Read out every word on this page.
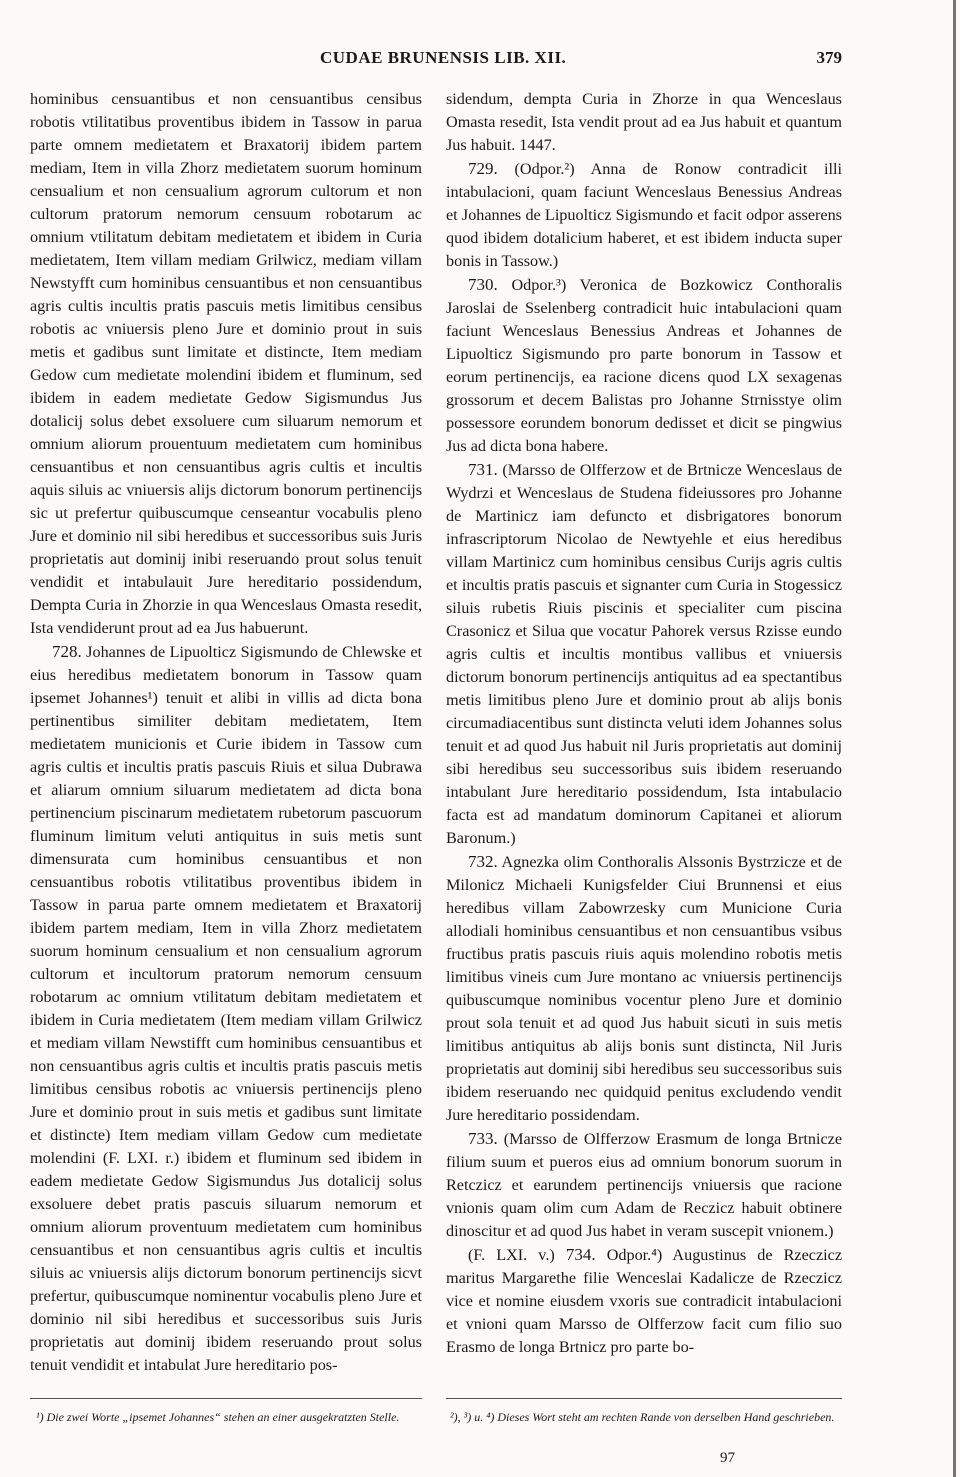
CUDAE BRUNENSIS LIB. XII.	379

hominibus censuantibus et non censuantibus censibus robotis vtilitatibus proventibus ibidem in Tassow in parua parte omnem medietatem et Braxatorij ibidem partem mediam, Item in villa Zhorz medietatem suorum hominum censualium et non censualium agrorum cultorum et non cultorum pratorum nemorum censuum robotarum ac omnium vtilitatum debitam medietatem et ibidem in Curia medietatem, Item villam mediam Grilwicz, mediam villam Newstyfft cum hominibus censuantibus et non censuantibus agris cultis incultis pratis pascuis metis limitibus censibus robotis ac vniuersis pleno Jure et dominio prout in suis metis et gadibus sunt limitate et distincte, Item mediam Gedow cum medietate molendini ibidem et fluminum, sed ibidem in eadem medietate Gedow Sigismundus Jus dotalicij solus debet exsoluere cum siluarum nemorum et omnium aliorum prouentuum medietatem cum hominibus censuantibus et non censuantibus agris cultis et incultis aquis siluis ac vniuersis alijs dictorum bonorum pertinencijs sic ut prefertur quibuscumque censeantur vocabulis pleno Jure et dominio nil sibi heredibus et successoribus suis Juris proprietatis aut dominij inibi reseruando prout solus tenuit vendidit et intabulauit Jure hereditario possidendum, Dempta Curia in Zhorzie in qua Wenceslaus Omasta resedit, Ista vendiderunt prout ad ea Jus habuerunt.

728. Johannes de Lipuolticz Sigismundo de Chlewske et eius heredibus medietatem bonorum in Tassow quam ipsemet Johannes¹) tenuit et alibi in villis ad dicta bona pertinentibus similiter debitam medietatem, Item medietatem municionis et Curie ibidem in Tassow cum agris cultis et incultis pratis pascuis Riuis et silua Dubrawa et aliarum omnium siluarum medietatem ad dicta bona pertinencium piscinarum medietatem rubetorum pascuorum fluminum limitum veluti antiquitus in suis metis sunt dimensurata cum hominibus censuantibus et non censuantibus robotis vtilitatibus proventibus ibidem in Tassow in parua parte omnem medietatem et Braxatorij ibidem partem mediam, Item in villa Zhorz medietatem suorum hominum censualium et non censualium agrorum cultorum et incultorum pratorum nemorum censuum robotarum ac omnium vtilitatum debitam medietatem et ibidem in Curia medietatem (Item mediam villam Grilwicz et mediam villam Newstifft cum hominibus censuantibus et non censuantibus agris cultis et incultis pratis pascuis metis limitibus censibus robotis ac vniuersis pertinencijs pleno Jure et dominio prout in suis metis et gadibus sunt limitate et distincte) Item mediam villam Gedow cum medietate molendini (F. LXI. r.) ibidem et fluminum sed ibidem in eadem medietate Gedow Sigismundus Jus dotalicij solus exsoluere debet pratis pascuis siluarum nemorum et omnium aliorum proventuum medietatem cum hominibus censuantibus et non censuantibus agris cultis et incultis siluis ac vniuersis alijs dictorum bonorum pertinencijs sicvt prefertur, quibuscumque nominentur vocabulis pleno Jure et dominio nil sibi heredibus et successoribus suis Juris proprietatis aut dominij ibidem reseruando prout solus tenuit vendidit et intabulat Jure hereditario pos-

sidendum, dempta Curia in Zhorze in qua Wenceslaus Omasta resedit, Ista vendit prout ad ea Jus habuit et quantum Jus habuit. 1447.

729. (Odpor.²) Anna de Ronow contradicit illi intabulacioni, quam faciunt Wenceslaus Benessius Andreas et Johannes de Lipuolticz Sigismundo et facit odpor asserens quod ibidem dotalicium haberet, et est ibidem inducta super bonis in Tassow.)

730. Odpor.³) Veronica de Bozkowicz Conthoralis Jaroslai de Sselenberg contradicit huic intabulacioni quam faciunt Wenceslaus Benessius Andreas et Johannes de Lipuolticz Sigismundo pro parte bonorum in Tassow et eorum pertinencijs, ea racione dicens quod LX sexagenas grossorum et decem Balistas pro Johanne Strnisstye olim possessore eorundem bonorum dedisset et dicit se pingwius Jus ad dicta bona habere.

731. (Marsso de Olfferzow et de Brtnicze Wenceslaus de Wydrzi et Wenceslaus de Studena fideiussores pro Johanne de Martinicz iam defuncto et disbrigatores bonorum infrascriptorum Nicolao de Newtyehle et eius heredibus villam Martinicz cum hominibus censibus Curijs agris cultis et incultis pratis pascuis et signanter cum Curia in Stogessicz siluis rubetis Riuis piscinis et specialiter cum piscina Crasonicz et Silua que vocatur Pahorek versus Rzisse eundo agris cultis et incultis montibus vallibus et vniuersis dictorum bonorum pertinencijs antiquitus ad ea spectantibus metis limitibus pleno Jure et dominio prout ab alijs bonis circumadiacentibus sunt distincta veluti idem Johannes solus tenuit et ad quod Jus habuit nil Juris proprietatis aut dominij sibi heredibus seu successoribus suis ibidem reseruando intabulant Jure hereditario possidendum, Ista intabulacio facta est ad mandatum dominorum Capitanei et aliorum Baronum.)

732. Agnezka olim Conthoralis Alssonis Bystrzicze et de Milonicz Michaeli Kunigsfelder Ciui Brunnensi et eius heredibus villam Zabowrzesky cum Municione Curia allodiali hominibus censuantibus et non censuantibus vsibus fructibus pratis pascuis riuis aquis molendino robotis metis limitibus vineis cum Jure montano ac vniuersis pertinencijs quibuscumque nominibus vocentur pleno Jure et dominio prout sola tenuit et ad quod Jus habuit sicuti in suis metis limitibus antiquitus ab alijs bonis sunt distincta, Nil Juris proprietatis aut dominij sibi heredibus seu successoribus suis ibidem reseruando nec quidquid penitus excludendo vendit Jure hereditario possidendam.

733. (Marsso de Olfferzow Erasmum de longa Brtnicze filium suum et pueros eius ad omnium bonorum suorum in Retczicz et earundem pertinencijs vniuersis que racione vnionis quam olim cum Adam de Reczicz habuit obtinere dinoscitur et ad quod Jus habet in veram suscepit vnionem.)

(F. LXI. v.) 734. Odpor.⁴) Augustinus de Rzeczicz maritus Margarethe filie Wenceslai Kadalicze de Rzeczicz vice et nomine eiusdem vxoris sue contradicit intabulacioni et vnioni quam Marsso de Olfferzow facit cum filio suo Erasmo de longa Brtnicz pro parte bo-

¹) Die zwei Worte „ipsemet Johannes“ stehen an einer ausgekratzten Stelle.	²), ³) u. ⁴) Dieses Wort steht am rechten Rande von derselben Hand geschrieben.
97
